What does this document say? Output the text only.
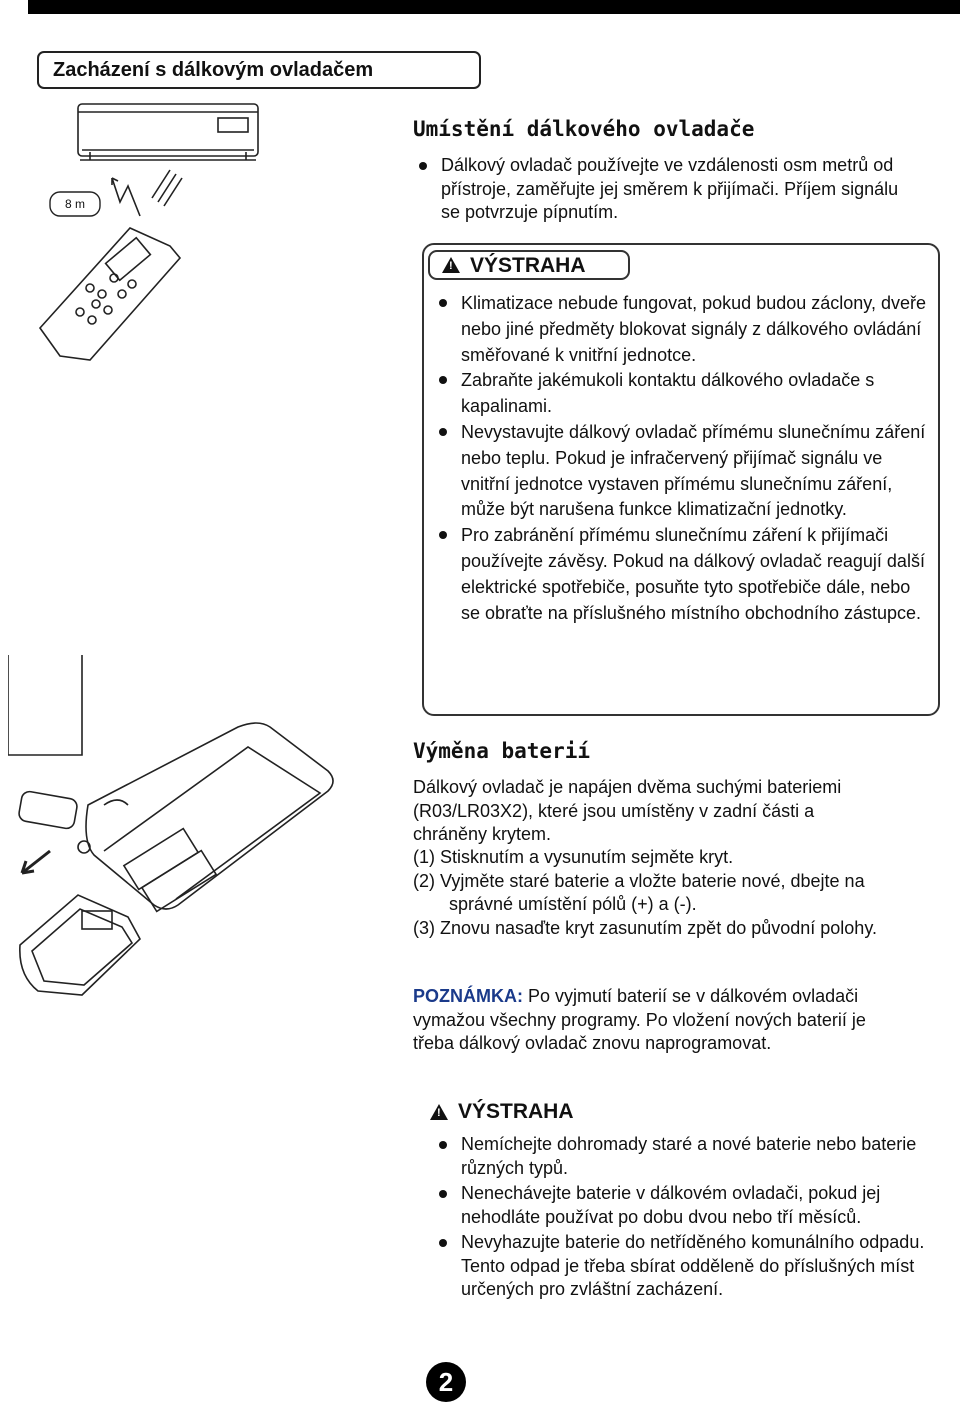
Zacházení s dálkovým ovladačem
8 m
Umístění dálkového ovladače
Dálkový ovladač používejte ve vzdálenosti osm metrů od přístroje, zaměřujte jej směrem k přijímači. Příjem signálu se potvrzuje pípnutím.
!
VÝSTRAHA
Klimatizace nebude fungovat, pokud budou záclony, dveře nebo jiné předměty blokovat signály z dálkového ovládání směřované k vnitřní jednotce.
Zabraňte jakémukoli kontaktu dálkového ovladače s kapalinami.
Nevystavujte dálkový ovladač přímému slunečnímu záření nebo teplu. Pokud je infračervený přijímač signálu ve vnitřní jednotce vystaven přímému slunečnímu záření, může být narušena funkce klimatizační jednotky.
Pro zabránění přímému slunečnímu záření k přijímači používejte závěsy. Pokud na dálkový ovladač reagují další elektrické spotřebiče, posuňte tyto spotřebiče dále, nebo se obraťte na příslušného místního obchodního zástupce.
Výměna baterií
Dálkový ovladač je napájen dvěma suchými bateriemi (R03/LR03X2), které jsou umístěny v zadní části a chráněny krytem.
(1) Stisknutím a vysunutím sejměte kryt.
(2) Vyjměte staré baterie a vložte baterie nové, dbejte na správné umístění pólů (+) a (-).
(3) Znovu nasaďte kryt zasunutím zpět do původní polohy.
POZNÁMKA: Po vyjmutí baterií se v dálkovém ovladači vymažou všechny programy. Po vložení nových baterií je třeba dálkový ovladač znovu naprogramovat.
!
VÝSTRAHA
Nemíchejte dohromady staré a nové baterie nebo baterie různých typů.
Nenechávejte baterie v dálkovém ovladači, pokud jej nehodláte používat po dobu dvou nebo tří měsíců.
Nevyhazujte baterie do netříděného komunálního odpadu. Tento odpad je třeba sbírat odděleně do příslušných míst určených pro zvláštní zacházení.
2
